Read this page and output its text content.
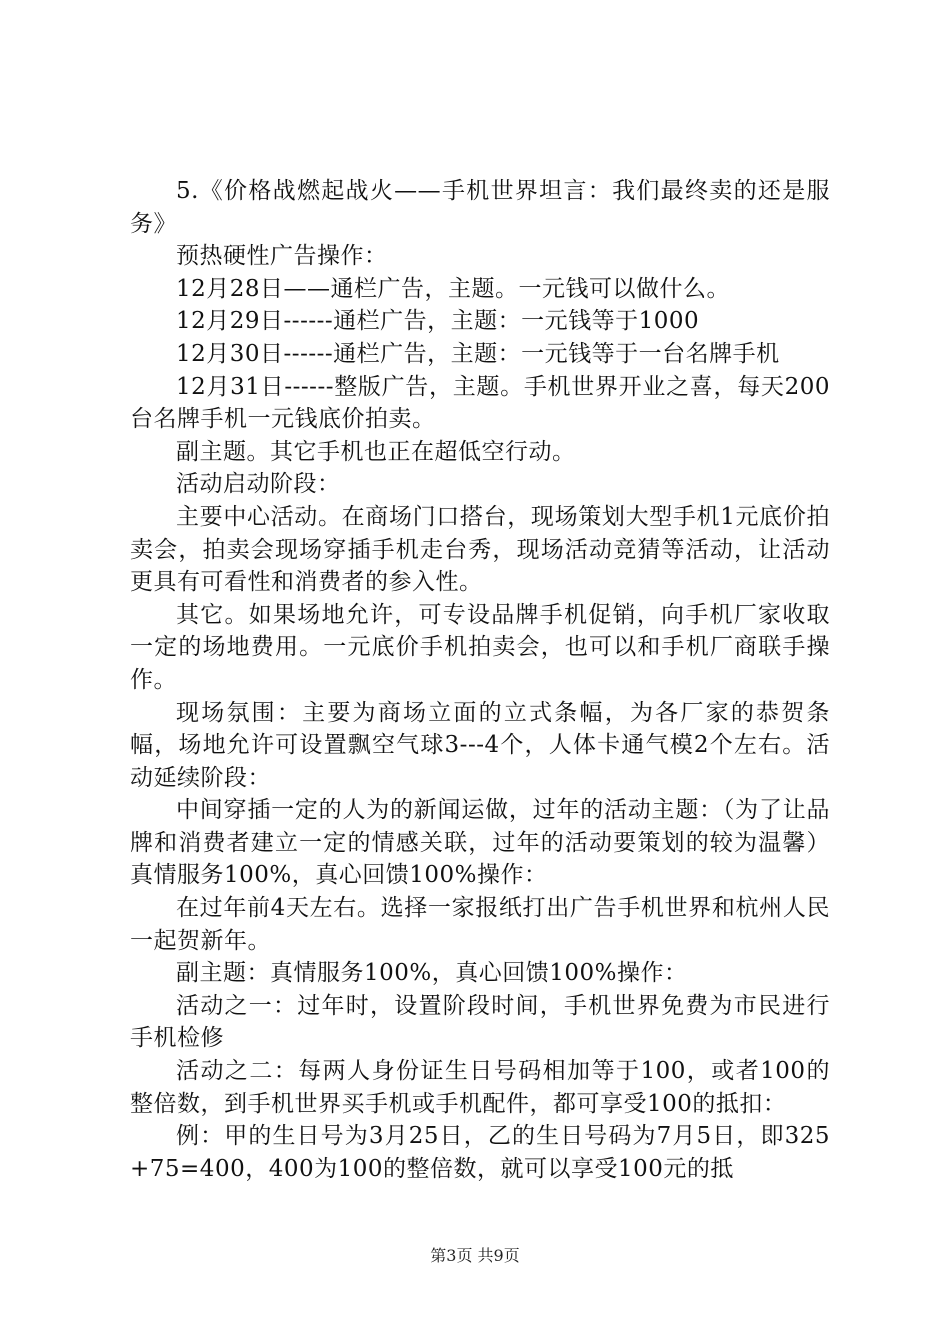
5.《价格战燃起战火——手机世界坦言：我们最终卖的还是服务》

预热硬性广告操作：

12月28日——通栏广告，主题。一元钱可以做什么。

12月29日------通栏广告，主题：一元钱等于1000

12月30日------通栏广告，主题：一元钱等于一台名牌手机

12月31日------整版广告，主题。手机世界开业之喜，每天200台名牌手机一元钱底价拍卖。

副主题。其它手机也正在超低空行动。

活动启动阶段：

主要中心活动。在商场门口搭台，现场策划大型手机1元底价拍卖会，拍卖会现场穿插手机走台秀，现场活动竞猜等活动，让活动更具有可看性和消费者的参入性。

其它。如果场地允许，可专设品牌手机促销，向手机厂家收取一定的场地费用。一元底价手机拍卖会，也可以和手机厂商联手操作。

现场氛围：主要为商场立面的立式条幅，为各厂家的恭贺条幅，场地允许可设置飘空气球3---4个，人体卡通气模2个左右。活动延续阶段：

中间穿插一定的人为的新闻运做，过年的活动主题：（为了让品牌和消费者建立一定的情感关联，过年的活动要策划的较为温馨）真情服务100%，真心回馈100%操作：

在过年前4天左右。选择一家报纸打出广告手机世界和杭州人民一起贺新年。

副主题：真情服务100%，真心回馈100%操作：

活动之一：过年时，设置阶段时间，手机世界免费为市民进行手机检修

活动之二：每两人身份证生日号码相加等于100，或者100的整倍数，到手机世界买手机或手机配件，都可享受100的抵扣：

例：甲的生日号为3月25日，乙的生日号码为7月5日，即325+75=400，400为100的整倍数，就可以享受100元的抵

第3页 共9页
